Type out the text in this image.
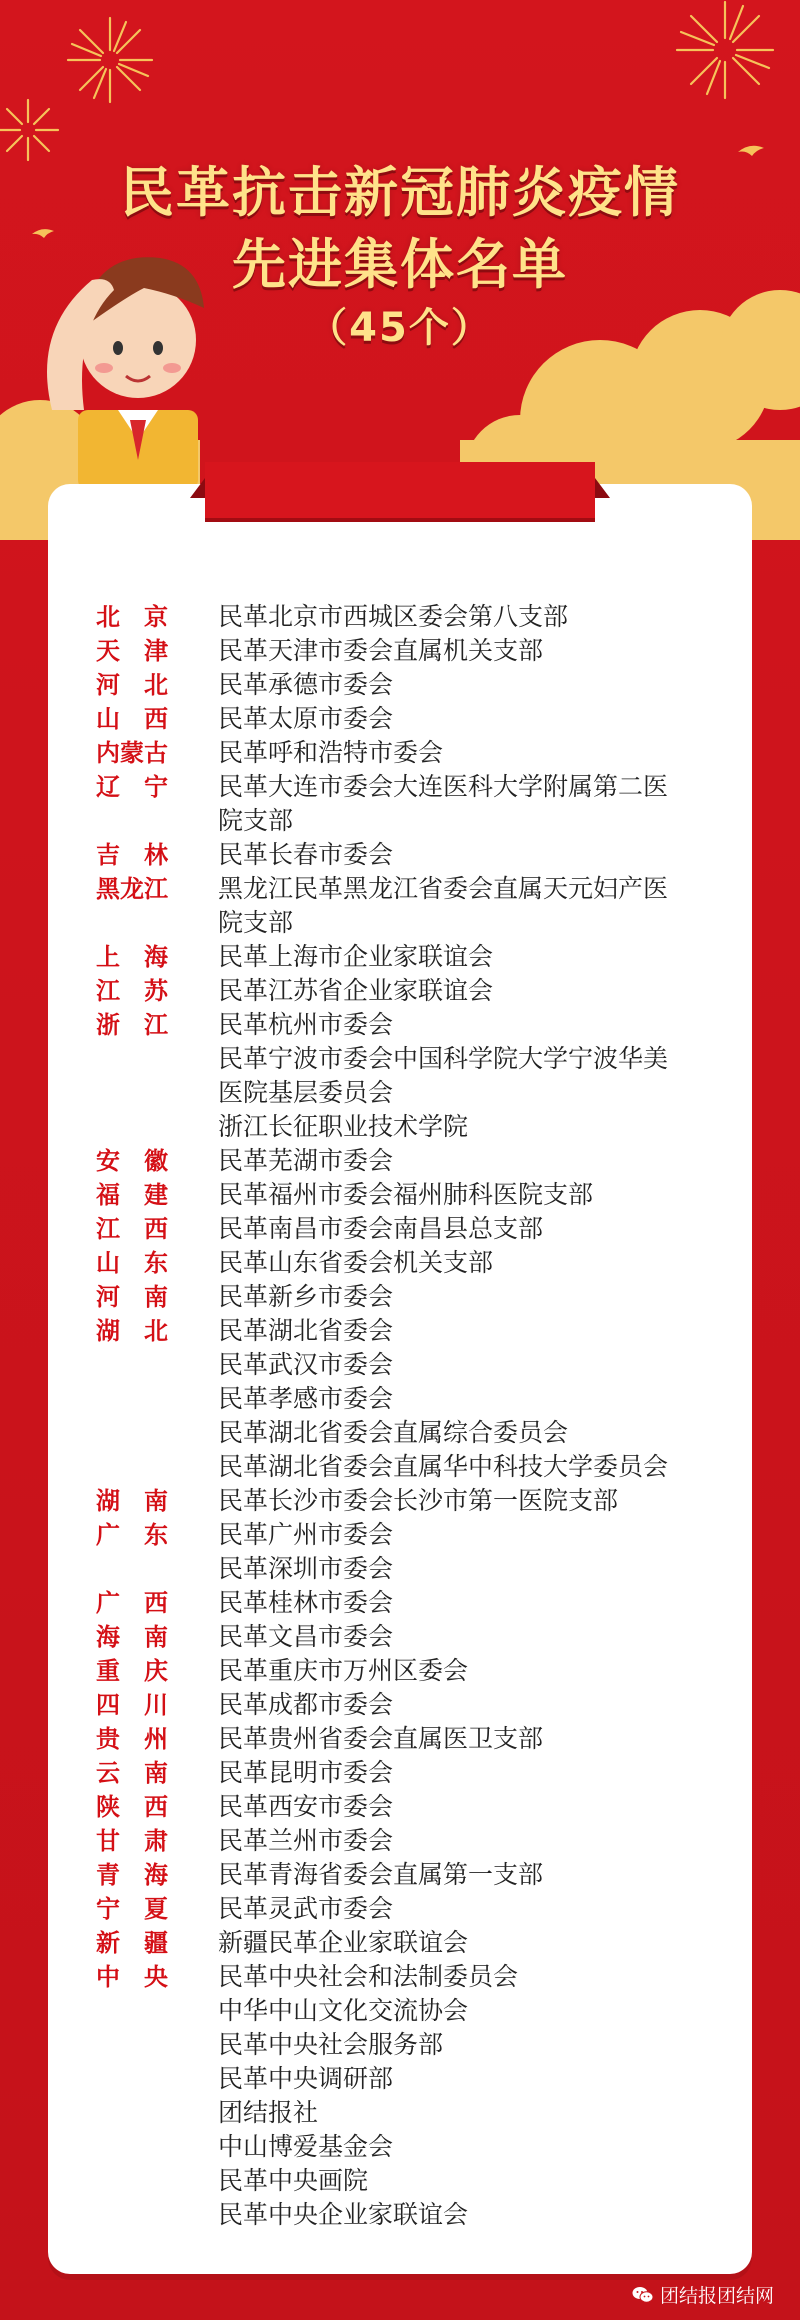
民革抗击新冠肺炎疫情
先进集体名单
（45个）
北　京	民革北京市西城区委会第八支部
天　津	民革天津市委会直属机关支部
河　北	民革承德市委会
山　西	民革太原市委会
内蒙古	民革呼和浩特市委会
辽　宁	民革大连市委会大连医科大学附属第二医
院支部
吉　林	民革长春市委会
黑龙江	黑龙江民革黑龙江省委会直属天元妇产医
院支部
上　海	民革上海市企业家联谊会
江　苏	民革江苏省企业家联谊会
浙　江	民革杭州市委会
民革宁波市委会中国科学院大学宁波华美
医院基层委员会
浙江长征职业技术学院
安　徽	民革芜湖市委会
福　建	民革福州市委会福州肺科医院支部
江　西	民革南昌市委会南昌县总支部
山　东	民革山东省委会机关支部
河　南	民革新乡市委会
湖　北	民革湖北省委会
民革武汉市委会
民革孝感市委会
民革湖北省委会直属综合委员会
民革湖北省委会直属华中科技大学委员会
湖　南	民革长沙市委会长沙市第一医院支部
广　东	民革广州市委会
民革深圳市委会
广　西	民革桂林市委会
海　南	民革文昌市委会
重　庆	民革重庆市万州区委会
四　川	民革成都市委会
贵　州	民革贵州省委会直属医卫支部
云　南	民革昆明市委会
陕　西	民革西安市委会
甘　肃	民革兰州市委会
青　海	民革青海省委会直属第一支部
宁　夏	民革灵武市委会
新　疆	新疆民革企业家联谊会
中　央	民革中央社会和法制委员会
中华中山文化交流协会
民革中央社会服务部
民革中央调研部
团结报社
中山博爱基金会
民革中央画院
民革中央企业家联谊会
团结报团结网
